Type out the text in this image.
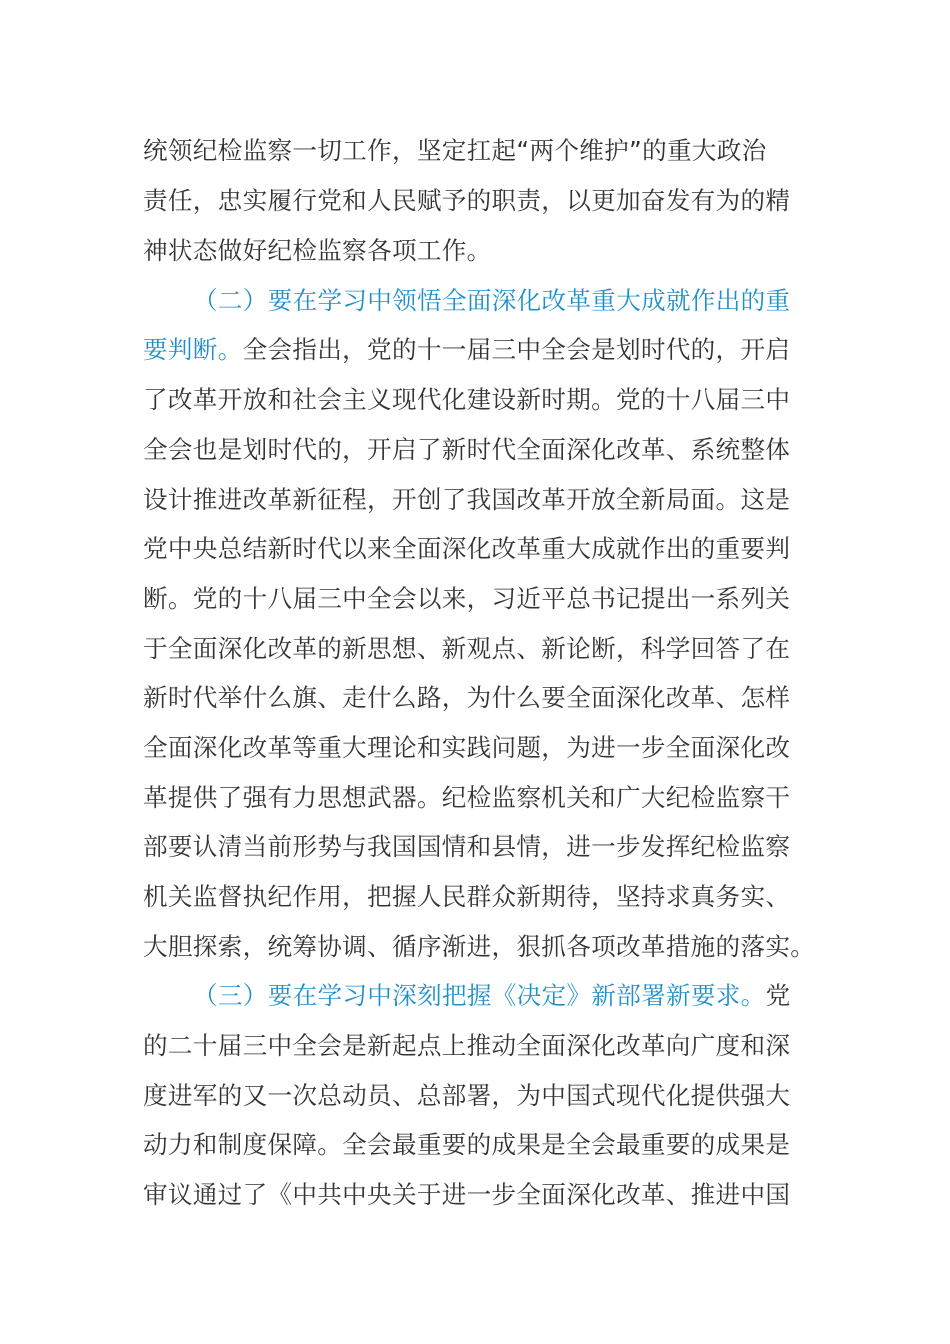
统领纪检监察一切工作，坚定扛起“两个维护”的重大政治
责任，忠实履行党和人民赋予的职责，以更加奋发有为的精
神状态做好纪检监察各项工作。
（二）要在学习中领悟全面深化改革重大成就作出的重
要判断。全会指出，党的十一届三中全会是划时代的，开启
了改革开放和社会主义现代化建设新时期。党的十八届三中
全会也是划时代的，开启了新时代全面深化改革、系统整体
设计推进改革新征程，开创了我国改革开放全新局面。这是
党中央总结新时代以来全面深化改革重大成就作出的重要判
断。党的十八届三中全会以来，习近平总书记提出一系列关
于全面深化改革的新思想、新观点、新论断，科学回答了在
新时代举什么旗、走什么路，为什么要全面深化改革、怎样
全面深化改革等重大理论和实践问题，为进一步全面深化改
革提供了强有力思想武器。纪检监察机关和广大纪检监察干
部要认清当前形势与我国国情和县情，进一步发挥纪检监察
机关监督执纪作用，把握人民群众新期待，坚持求真务实、
大胆探索，统筹协调、循序渐进，狠抓各项改革措施的落实。
（三）要在学习中深刻把握《决定》新部署新要求。党
的二十届三中全会是新起点上推动全面深化改革向广度和深
度进军的又一次总动员、总部署，为中国式现代化提供强大
动力和制度保障。全会最重要的成果是全会最重要的成果是
审议通过了《中共中央关于进一步全面深化改革、推进中国
